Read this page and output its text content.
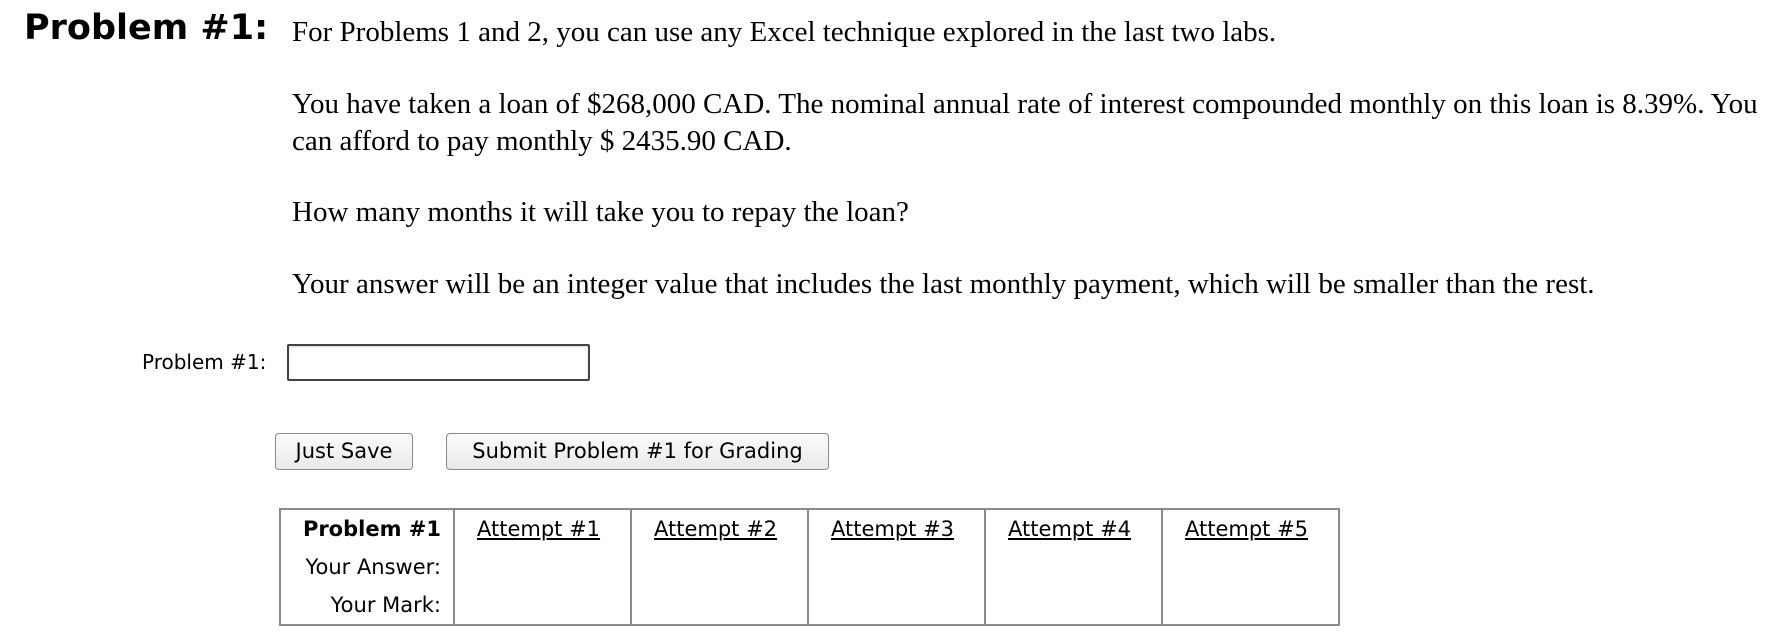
Problem #1: For Problems 1 and 2, you can use any Excel technique explored in the last two labs.

You have taken a loan of $268,000 CAD. The nominal annual rate of interest compounded monthly on this loan is 8.39%. You can afford to pay monthly $ 2435.90 CAD.

How many months it will take you to repay the loan?

Your answer will be an integer value that includes the last monthly payment, which will be smaller than the rest.

Problem #1:
Just Save	Submit Problem #1 for Grading
Problem #1	Attempt #1	Attempt #2	Attempt #3	Attempt #4	Attempt #5

Your Answer:					

Your Mark:					
